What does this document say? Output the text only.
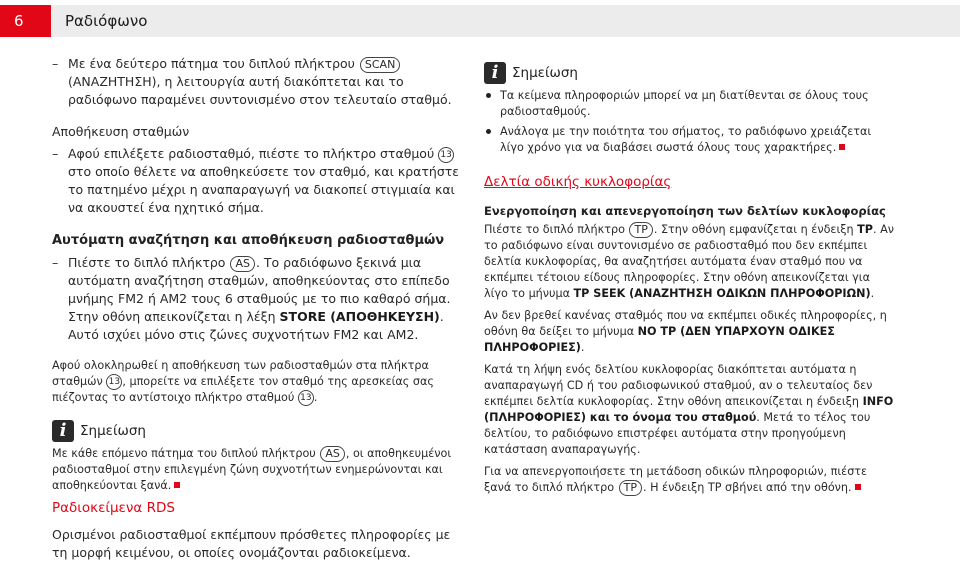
6	Ραδιόφωνο
– Με ένα δεύτερο πάτημα του διπλού πλήκτρου SCAN (ΑΝΑΖΗΤΗΣΗ), η λειτουργία αυτή διακόπτεται και το ραδιόφωνο παραμένει συντονισμένο στον τελευταίο σταθμό.
Αποθήκευση σταθμών
– Αφού επιλέξετε ραδιοσταθμό, πιέστε το πλήκτρο σταθμού 13 στο οποίο θέλετε να αποθηκεύσετε τον σταθμό, και κρατήστε το πατημένο μέχρι η αναπαραγωγή να διακοπεί στιγμιαία και να ακουστεί ένα ηχητικό σήμα.
Αυτόματη αναζήτηση και αποθήκευση ραδιοσταθμών
– Πιέστε το διπλό πλήκτρο AS . Το ραδιόφωνο ξεκινά μια αυτόματη αναζήτηση σταθμών, αποθηκεύοντας στο επίπεδο μνήμης FM2 ή AM2 τους 6 σταθμούς με το πιο καθαρό σήμα. Στην οθόνη απεικονίζεται η λέξη STORE (ΑΠΟΘΗΚΕΥΣΗ). Αυτό ισχύει μόνο στις ζώνες συχνοτήτων FM2 και AM2.
Αφού ολοκληρωθεί η αποθήκευση των ραδιοσταθμών στα πλήκτρα σταθμών 13 , μπορείτε να επιλέξετε τον σταθμό της αρεσκείας σας πιέζοντας το αντίστοιχο πλήκτρο σταθμού 13 .
i	Σημείωση
Με κάθε επόμενο πάτημα του διπλού πλήκτρου AS , οι αποθηκευμένοι ραδιοσταθμοί στην επιλεγμένη ζώνη συχνοτήτων ενημερώνονται και αποθηκεύονται ξανά.
Ραδιοκείμενα RDS
Ορισμένοι ραδιοσταθμοί εκπέμπουν πρόσθετες πληροφορίες με τη μορφή κειμένου, οι οποίες ονομάζονται ραδιοκείμενα.
i	Σημείωση
Τα κείμενα πληροφοριών μπορεί να μη διατίθενται σε όλους τους ραδιοσταθμούς.
Ανάλογα με την ποιότητα του σήματος, το ραδιόφωνο χρειάζεται λίγο χρόνο για να διαβάσει σωστά όλους τους χαρακτήρες.
Δελτία οδικής κυκλοφορίας
Ενεργοποίηση και απενεργοποίηση των δελτίων κυκλοφορίας
Πιέστε το διπλό πλήκτρο TP . Στην οθόνη εμφανίζεται η ένδειξη TP. Αν το ραδιόφωνο είναι συντονισμένο σε ραδιοσταθμό που δεν εκπέμπει δελτία κυκλοφορίας, θα αναζητήσει αυτόματα έναν σταθμό που να εκπέμπει τέτοιου είδους πληροφορίες. Στην οθόνη απεικονίζεται για λίγο το μήνυμα TP SEEK (ΑΝΑΖΗΤΗΣΗ ΟΔΙΚΩΝ ΠΛΗΡΟΦΟΡΙΩΝ).
Αν δεν βρεθεί κανένας σταθμός που να εκπέμπει οδικές πληροφορίες, η οθόνη θα δείξει το μήνυμα NO TP (ΔΕΝ ΥΠΑΡΧΟΥΝ ΟΔΙΚΕΣ ΠΛΗΡΟΦΟΡΙΕΣ).
Κατά τη λήψη ενός δελτίου κυκλοφορίας διακόπτεται αυτόματα η αναπαραγωγή CD ή του ραδιοφωνικού σταθμού, αν ο τελευταίος δεν εκπέμπει δελτία κυκλοφορίας. Στην οθόνη απεικονίζεται η ένδειξη INFO (ΠΛΗΡΟΦΟΡΙΕΣ) και το όνομα του σταθμού. Μετά το τέλος του δελτίου, το ραδιόφωνο επιστρέφει αυτόματα στην προηγούμενη κατάσταση αναπαραγωγής.
Για να απενεργοποιήσετε τη μετάδοση οδικών πληροφοριών, πιέστε ξανά το διπλό πλήκτρο TP . Η ένδειξη TP σβήνει από την οθόνη.
